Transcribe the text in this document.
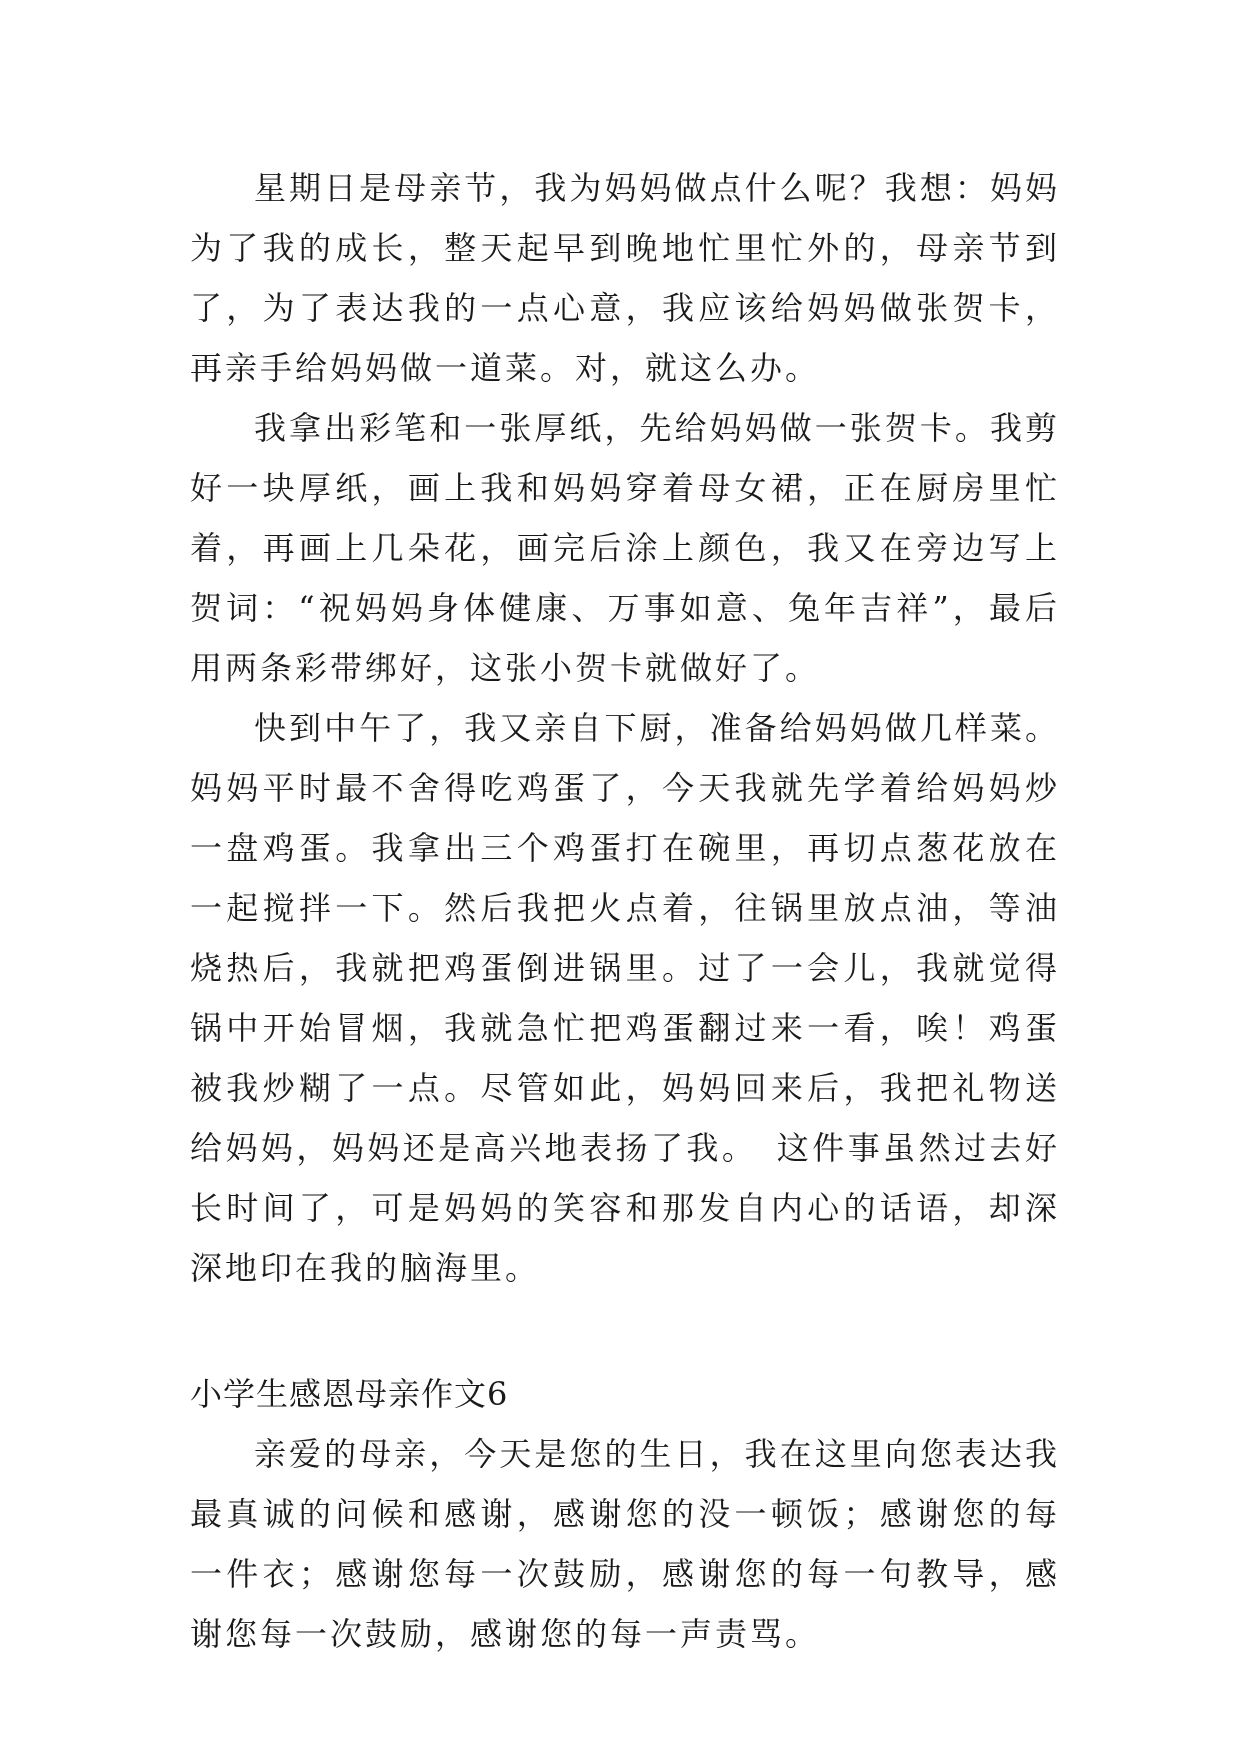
星期日是母亲节，我为妈妈做点什么呢？我想：妈妈为了我的成长，整天起早到晚地忙里忙外的，母亲节到了，为了表达我的一点心意，我应该给妈妈做张贺卡，再亲手给妈妈做一道菜。对，就这么办。

我拿出彩笔和一张厚纸，先给妈妈做一张贺卡。我剪好一块厚纸，画上我和妈妈穿着母女裙，正在厨房里忙着，再画上几朵花，画完后涂上颜色，我又在旁边写上贺词：“祝妈妈身体健康、万事如意、兔年吉祥”，最后用两条彩带绑好，这张小贺卡就做好了。

快到中午了，我又亲自下厨，准备给妈妈做几样菜。妈妈平时最不舍得吃鸡蛋了，今天我就先学着给妈妈炒一盘鸡蛋。我拿出三个鸡蛋打在碗里，再切点葱花放在一起搅拌一下。然后我把火点着，往锅里放点油，等油烧热后，我就把鸡蛋倒进锅里。过了一会儿，我就觉得锅中开始冒烟，我就急忙把鸡蛋翻过来一看，唉！鸡蛋被我炒糊了一点。尽管如此，妈妈回来后，我把礼物送给妈妈，妈妈还是高兴地表扬了我。　这件事虽然过去好长时间了，可是妈妈的笑容和那发自内心的话语，却深深地印在我的脑海里。

小学生感恩母亲作文6

亲爱的母亲，今天是您的生日，我在这里向您表达我最真诚的问候和感谢，感谢您的没一顿饭；感谢您的每一件衣；感谢您每一次鼓励，感谢您的每一句教导，感谢您每一次鼓励，感谢您的每一声责骂。
